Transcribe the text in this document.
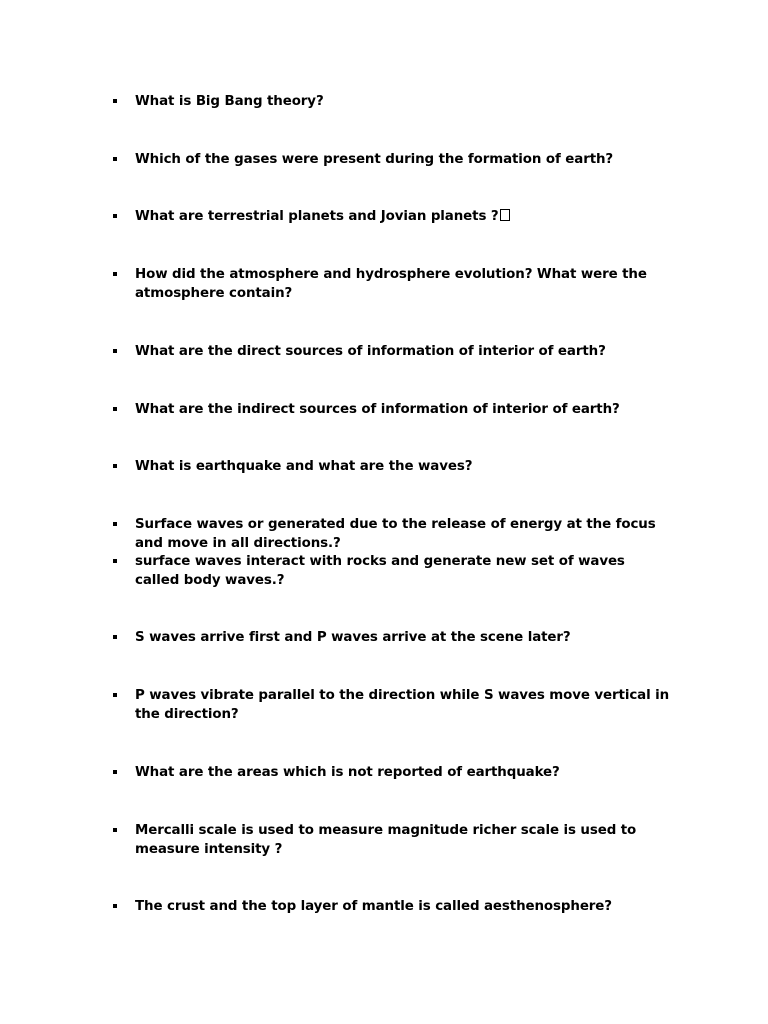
What is Big Bang theory?
Which of the gases were present during the formation of earth?
What are terrestrial planets and Jovian planets ?
How did the atmosphere and hydrosphere evolution? What were the atmosphere contain?
What are the direct sources of information of interior of earth?
What are the indirect sources of information of interior of earth?
What is earthquake and what are the waves?
Surface waves or generated due to the release of energy at the focus and move in all directions.?
surface waves interact with rocks and generate new set of waves called body waves.?
S waves arrive first and P waves arrive at the scene later?
P waves vibrate parallel to the direction while S waves move vertical in the direction?
What are the areas which is not reported of earthquake?
Mercalli scale is used to measure magnitude richer scale is used to measure intensity ?
The crust and the top layer of mantle is called aesthenosphere?
